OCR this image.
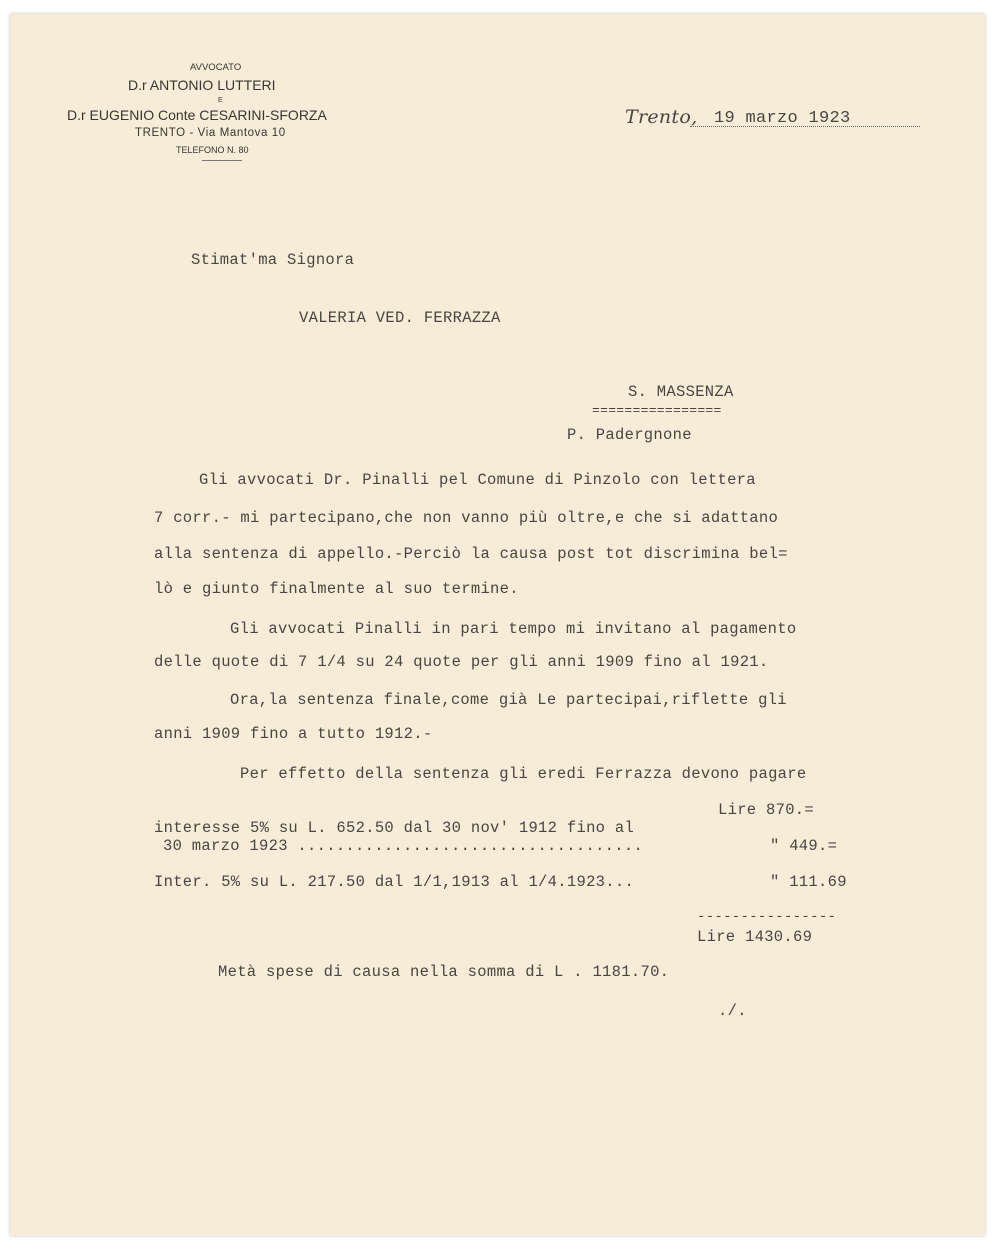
AVVOCATO
D.r ANTONIO LUTTERI
E
D.r EUGENIO Conte CESARINI-SFORZA
TRENTO - Via Mantova 10
TELEFONO N. 80
Trento, 19 marzo 1923
Stimat'ma Signora
VALERIA VED. FERRAZZA
S. MASSENZA
================
P. Padergnone
Gli avvocati Dr. Pinalli pel Comune di Pinzolo con lettera
7 corr.- mi partecipano,che non vanno più oltre,e che si adattano
alla sentenza di appello.-Perciò la causa post tot discrimina bel=
lò e giunto finalmente al suo termine.
Gli avvocati Pinalli in pari tempo mi invitano al pagamento
delle quote di 7 1/4 su 24 quote per gli anni 1909 fino al 1921.
Ora,la sentenza finale,come già Le partecipai,riflette gli
anni 1909 fino a tutto 1912.-
Per effetto della sentenza gli eredi Ferrazza devono pagare
Lire 870.=
interesse 5% su L. 652.50 dal 30 nov' 1912 fino al
30 marzo 1923 ....................................	" 449.=
Inter. 5% su L. 217.50 dal 1/1,1913 al 1/4.1923...	" 111.69
----------------
Lire 1430.69
Metà spese di causa nella somma di L . 1181.70.
./.
